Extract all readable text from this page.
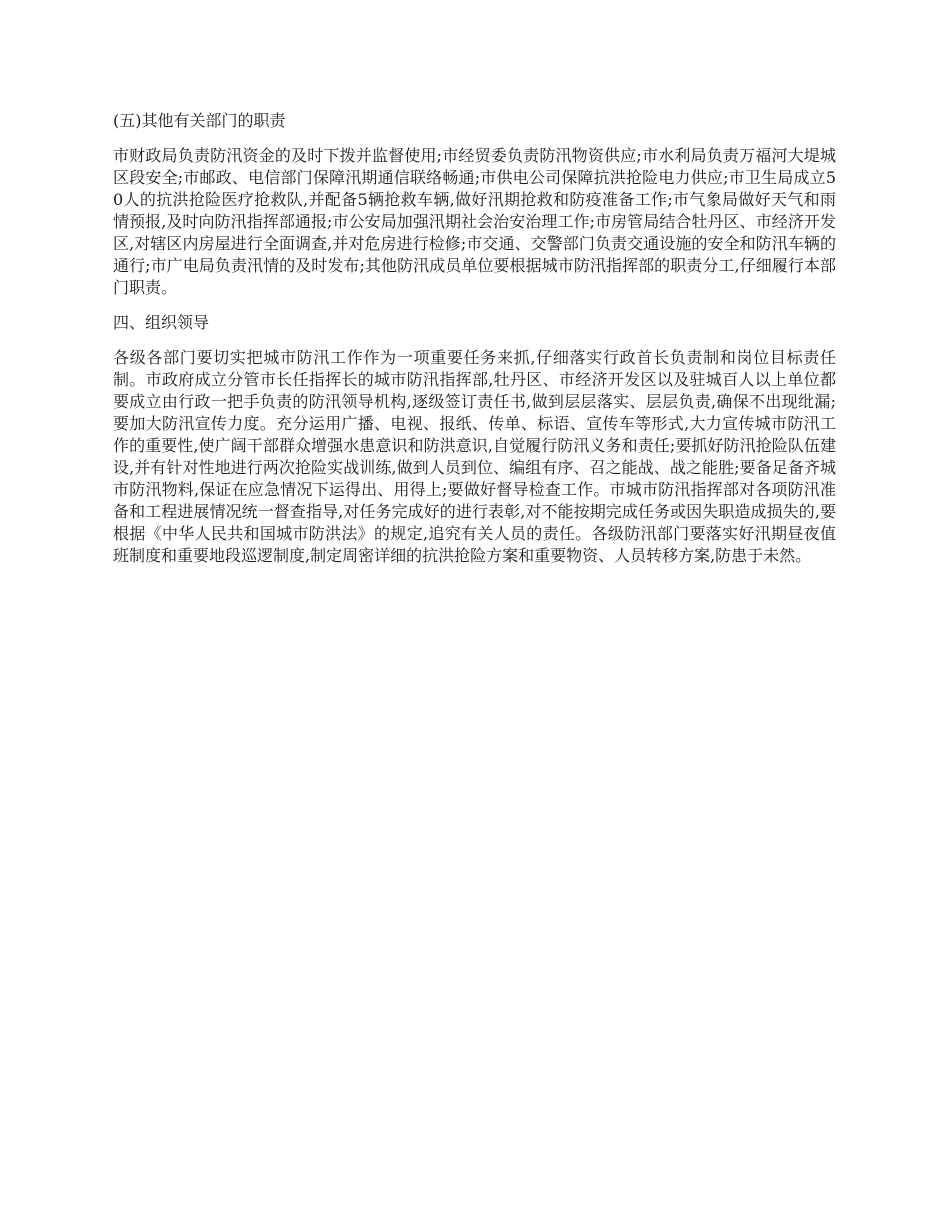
(五)其他有关部门的职责

市财政局负责防汛资金的及时下拨并监督使用;市经贸委负责防汛物资供应;市水利局负责万福河大堤城区段安全;市邮政、电信部门保障汛期通信联络畅通;市供电公司保障抗洪抢险电力供应;市卫生局成立50人的抗洪抢险医疗抢救队,并配备5辆抢救车辆,做好汛期抢救和防疫准备工作;市气象局做好天气和雨情预报,及时向防汛指挥部通报;市公安局加强汛期社会治安治理工作;市房管局结合牡丹区、市经济开发区,对辖区内房屋进行全面调查,并对危房进行检修;市交通、交警部门负责交通设施的安全和防汛车辆的通行;市广电局负责汛情的及时发布;其他防汛成员单位要根据城市防汛指挥部的职责分工,仔细履行本部门职责。

四、组织领导

各级各部门要切实把城市防汛工作作为一项重要任务来抓,仔细落实行政首长负责制和岗位目标责任制。市政府成立分管市长任指挥长的城市防汛指挥部,牡丹区、市经济开发区以及驻城百人以上单位都要成立由行政一把手负责的防汛领导机构,逐级签订责任书,做到层层落实、层层负责,确保不出现纰漏;要加大防汛宣传力度。充分运用广播、电视、报纸、传单、标语、宣传车等形式,大力宣传城市防汛工作的重要性,使广阔干部群众增强水患意识和防洪意识,自觉履行防汛义务和责任;要抓好防汛抢险队伍建设,并有针对性地进行两次抢险实战训练,做到人员到位、编组有序、召之能战、战之能胜;要备足备齐城市防汛物料,保证在应急情况下运得出、用得上;要做好督导检查工作。市城市防汛指挥部对各项防汛准备和工程进展情况统一督查指导,对任务完成好的进行表彰,对不能按期完成任务或因失职造成损失的,要根据《中华人民共和国城市防洪法》的规定,追究有关人员的责任。各级防汛部门要落实好汛期昼夜值班制度和重要地段巡逻制度,制定周密详细的抗洪抢险方案和重要物资、人员转移方案,防患于未然。
